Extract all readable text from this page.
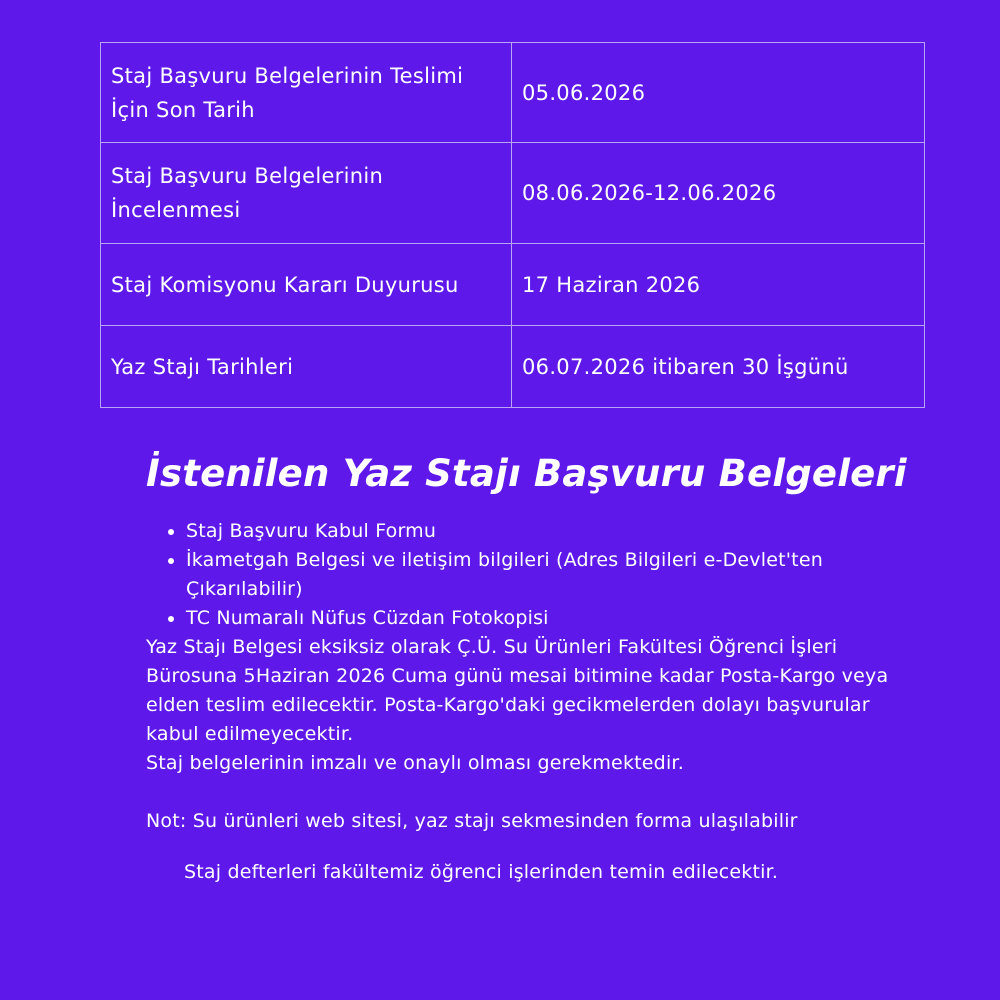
Staj Başvuru Belgelerinin Teslimi İçin Son Tarih	05.06.2026
Staj Başvuru Belgelerinin İncelenmesi	08.06.2026-12.06.2026
Staj Komisyonu Kararı Duyurusu	17 Haziran 2026
Yaz Stajı Tarihleri	06.07.2026 itibaren 30 İşgünü
İstenilen Yaz Stajı Başvuru Belgeleri
• Staj Başvuru Kabul Formu
• İkametgah Belgesi ve iletişim bilgileri (Adres Bilgileri e-Devlet'ten Çıkarılabilir)
• TC Numaralı Nüfus Cüzdan Fotokopisi

Yaz Stajı Belgesi eksiksiz olarak Ç.Ü. Su Ürünleri Fakültesi Öğrenci İşleri Bürosuna 5Haziran 2026 Cuma günü mesai bitimine kadar Posta-Kargo veya elden teslim edilecektir. Posta-Kargo'daki gecikmelerden dolayı başvurular kabul edilmeyecektir.

Staj belgelerinin imzalı ve onaylı olması gerekmektedir.

Not: Su ürünleri web sitesi, yaz stajı sekmesinden forma ulaşılabilir

Staj defterleri fakültemiz öğrenci işlerinden temin edilecektir.
